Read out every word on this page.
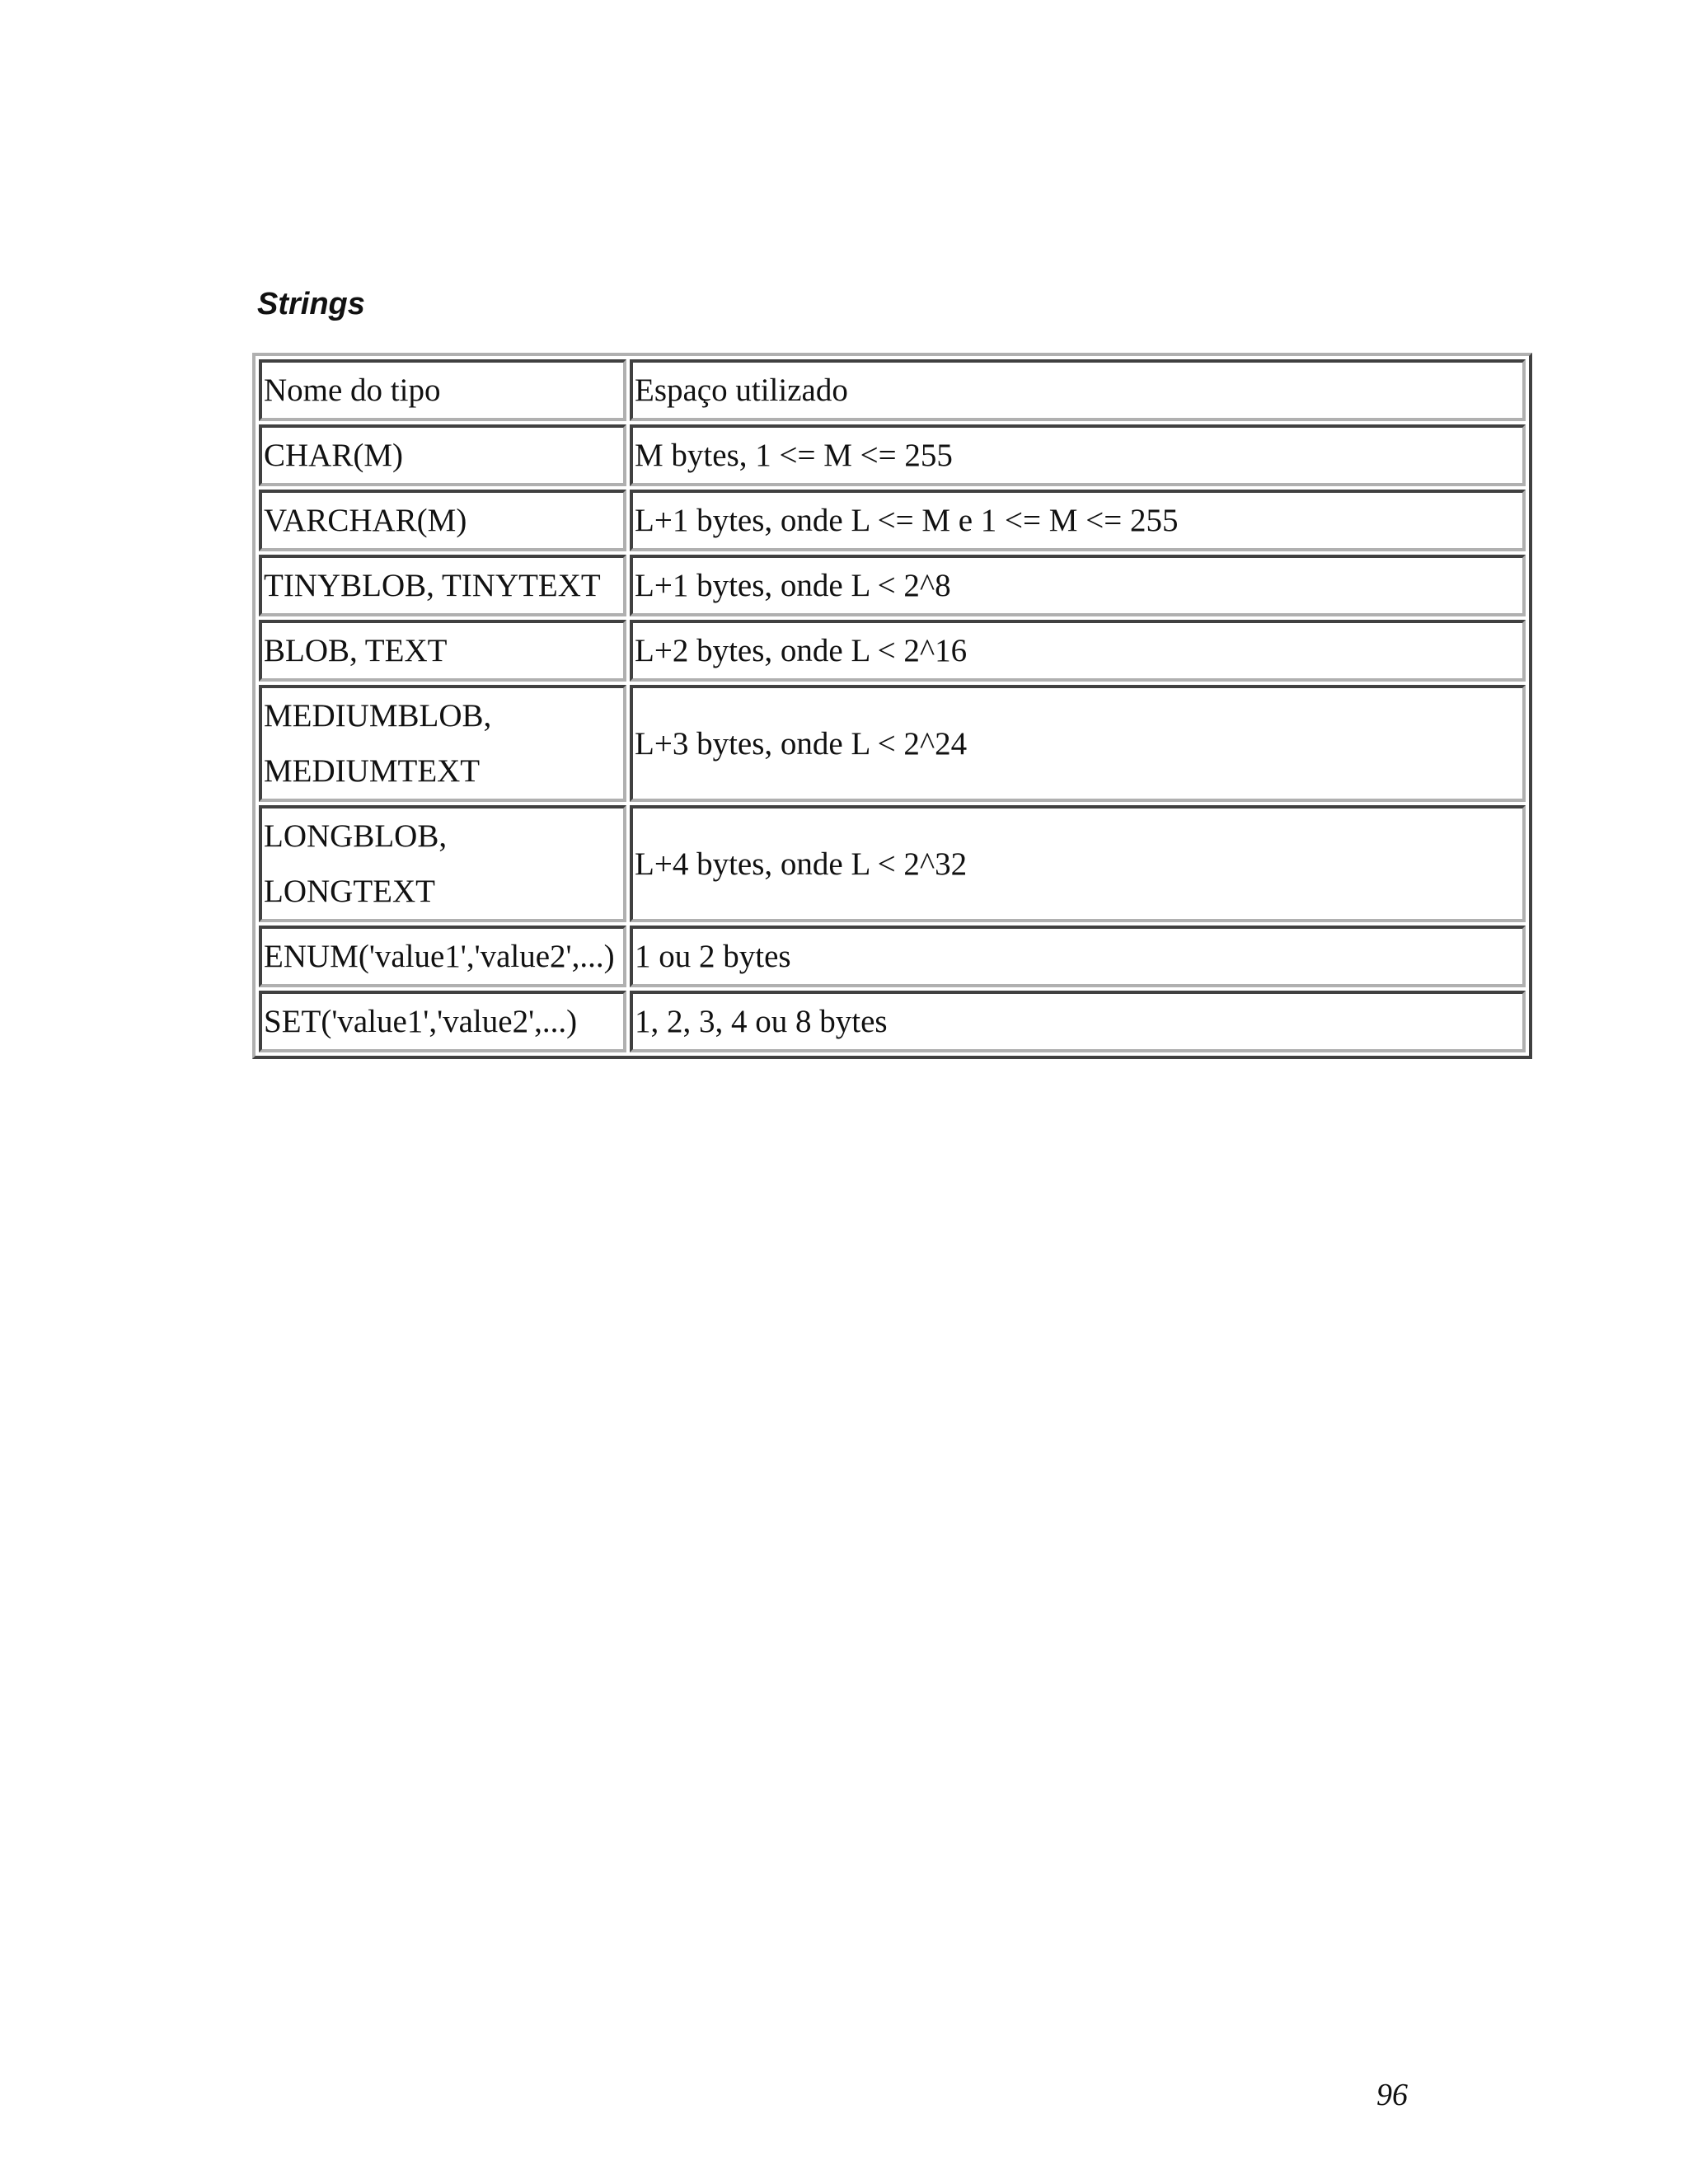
Strings
Nome do tipo	Espaço utilizado
CHAR(M)	M bytes, 1 <= M <= 255
VARCHAR(M)	L+1 bytes, onde L <= M e 1 <= M <= 255
TINYBLOB, TINYTEXT	L+1 bytes, onde L < 2^8
BLOB, TEXT	L+2 bytes, onde L < 2^16
MEDIUMBLOB,
MEDIUMTEXT	L+3 bytes, onde L < 2^24
LONGBLOB,
LONGTEXT	L+4 bytes, onde L < 2^32
ENUM('value1','value2',...)	1 ou 2 bytes
SET('value1','value2',...)	1, 2, 3, 4 ou 8 bytes

96
